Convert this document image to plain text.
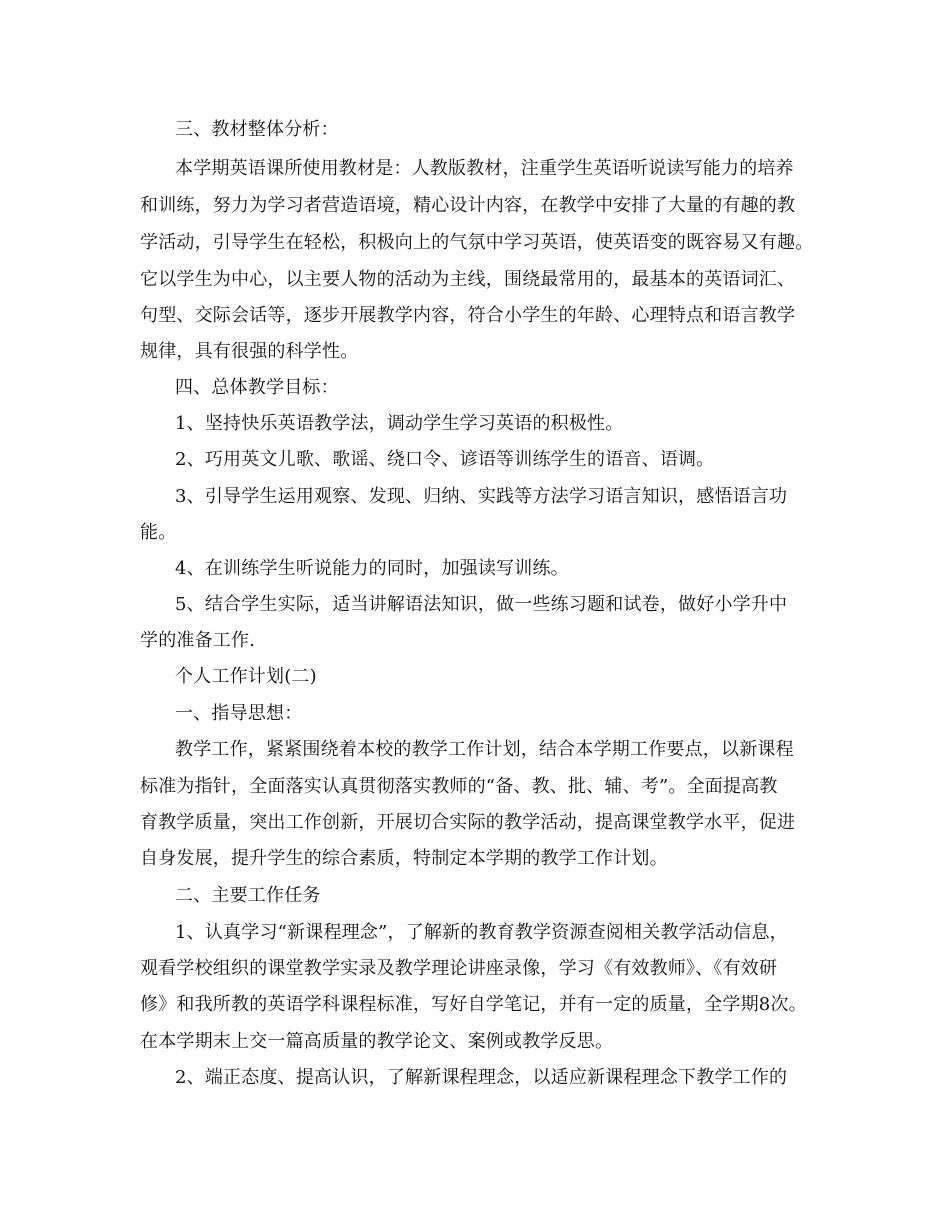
三、教材整体分析：
本学期英语课所使用教材是：人教版教材，注重学生英语听说读写能力的培养
和训练，努力为学习者营造语境，精心设计内容，在教学中安排了大量的有趣的教
学活动，引导学生在轻松，积极向上的气氛中学习英语，使英语变的既容易又有趣。
它以学生为中心，以主要人物的活动为主线，围绕最常用的，最基本的英语词汇、
句型、交际会话等，逐步开展教学内容，符合小学生的年龄、心理特点和语言教学
规律，具有很强的科学性。
四、总体教学目标：
1、坚持快乐英语教学法，调动学生学习英语的积极性。
2、巧用英文儿歌、歌谣、绕口令、谚语等训练学生的语音、语调。
3、引导学生运用观察、发现、归纳、实践等方法学习语言知识，感悟语言功
能。
4、在训练学生听说能力的同时，加强读写训练。
5、结合学生实际，适当讲解语法知识，做一些练习题和试卷，做好小学升中
学的准备工作.
个人工作计划(二)
一、指导思想：
教学工作，紧紧围绕着本校的教学工作计划，结合本学期工作要点，以新课程
标准为指针，全面落实认真贯彻落实教师的“备、教、批、辅、考”。全面提高教
育教学质量，突出工作创新，开展切合实际的教学活动，提高课堂教学水平，促进
自身发展，提升学生的综合素质，特制定本学期的教学工作计划。
二、主要工作任务
1、认真学习“新课程理念”，了解新的教育教学资源查阅相关教学活动信息，
观看学校组织的课堂教学实录及教学理论讲座录像，学习《有效教师》、《有效研
修》和我所教的英语学科课程标准，写好自学笔记，并有一定的质量，全学期8次。
在本学期末上交一篇高质量的教学论文、案例或教学反思。
2、端正态度、提高认识，了解新课程理念，以适应新课程理念下教学工作的
